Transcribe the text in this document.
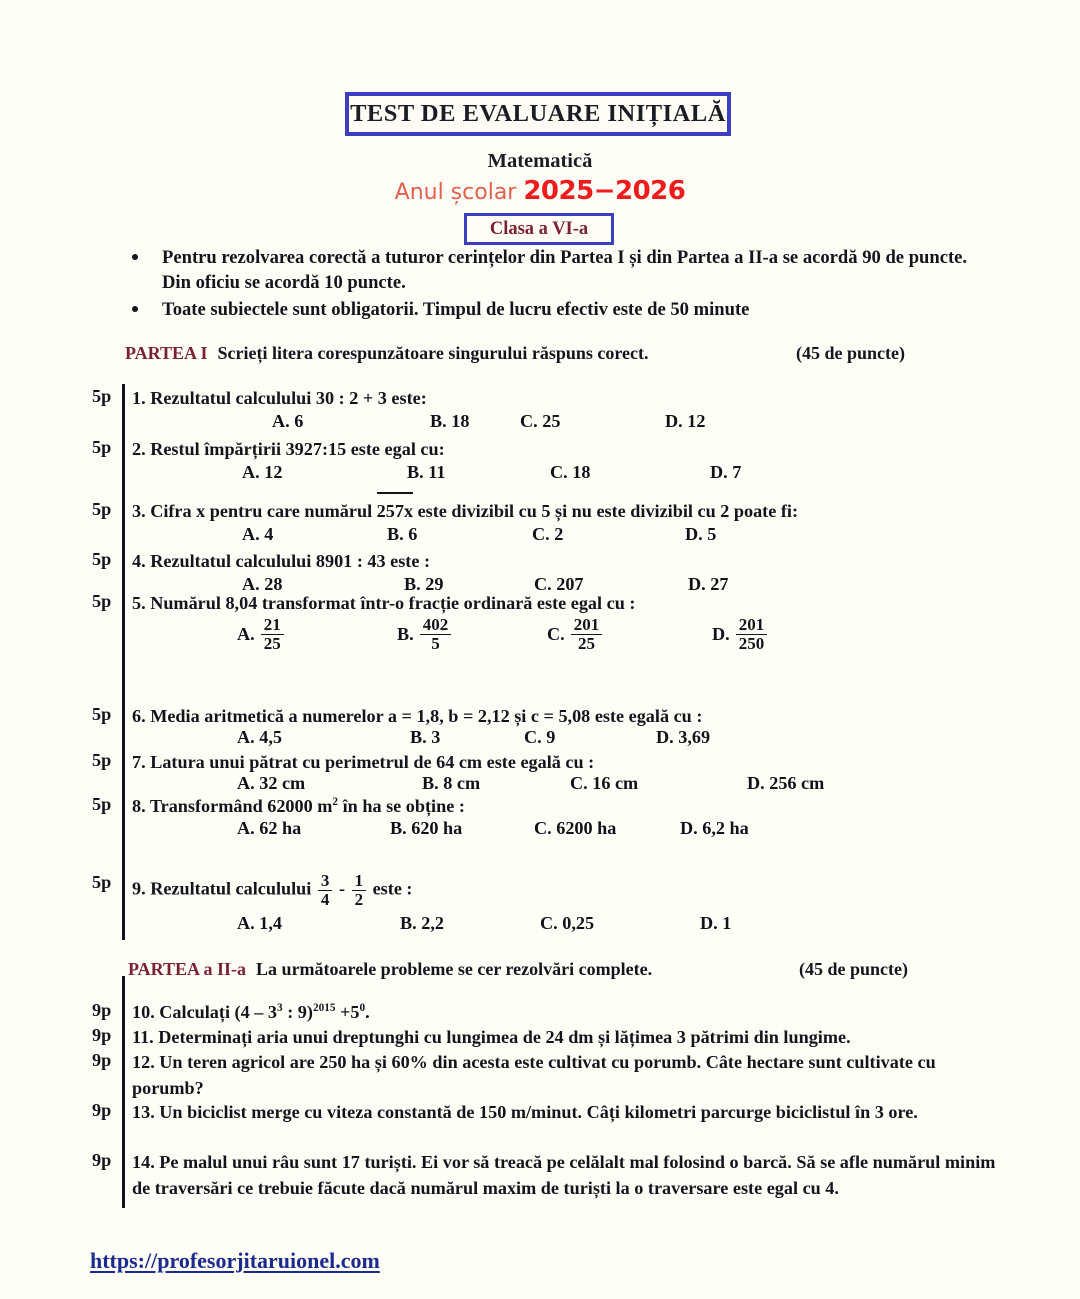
TEST DE EVALUARE INIȚIALĂ
Matematică
Anul școlar 2025−2026
Clasa a VI-a
Pentru rezolvarea corectă a tuturor cerințelor din Partea I și din Partea a II-a se acordă 90 de puncte. Din oficiu se acordă 10 puncte.
Toate subiectele sunt obligatorii. Timpul de lucru efectiv este de 50 minute
PARTEA I Scrieți litera corespunzătoare singurului răspuns corect.	(45 de puncte)
5p	1. Rezultatul calculului 30 : 2 + 3 este:
A. 6	B. 18	C. 25	D. 12
5p	2. Restul împărțirii 3927:15 este egal cu:
A. 12	B. 11	C. 18	D. 7
5p	3. Cifra x pentru care numărul 257x este divizibil cu 5 și nu este divizibil cu 2 poate fi:
A. 4	B. 6	C. 2	D. 5
5p	4. Rezultatul calculului 8901 : 43 este :
A. 28	B. 29	C. 207	D. 27
5p	5. Numărul 8,04 transformat într-o fracție ordinară este egal cu :
A. $\frac{21}{25}$	B. $\frac{402}{5}$	C. $\frac{201}{25}$	D. $\frac{201}{250}$
5p	6. Media aritmetică a numerelor a = 1,8, b = 2,12 și c = 5,08 este egală cu :
A. 4,5	B. 3	C. 9	D. 3,69
5p	7. Latura unui pătrat cu perimetrul de 64 cm este egală cu :
A. 32 cm	B. 8 cm	C. 16 cm	D. 256 cm
5p	8. Transformând 62000 $m^2$ în ha se obține :
A. 62 ha	B. 620 ha	C. 6200 ha	D. 6,2 ha
5p	9. Rezultatul calculului $\frac{3}{4} - \frac{1}{2}$ este :
A. 1,4	B. 2,2	C. 0,25	D. 1
PARTEA a II-a La următoarele probleme se cer rezolvări complete.	(45 de puncte)
9p	10. Calculați ($4 - 3^3$ : $9)^{2015} +5^0$.
9p	11. Determinați aria unui dreptunghi cu lungimea de 24 dm și lățimea 3 pătrimi din lungime.
9p	12. Un teren agricol are 250 ha și 60% din acesta este cultivat cu porumb. Câte hectare sunt cultivate cu porumb?
9p	13. Un biciclist merge cu viteza constantă de 150 m/minut. Câți kilometri parcurge biciclistul în 3 ore.
9p	14. Pe malul unui râu sunt 17 turiști. Ei vor să treacă pe celălalt mal folosind o barcă. Să se afle numărul minim de traversări ce trebuie făcute dacă numărul maxim de turiști la o traversare este egal cu 4.
https://profesorjitaruionel.com
